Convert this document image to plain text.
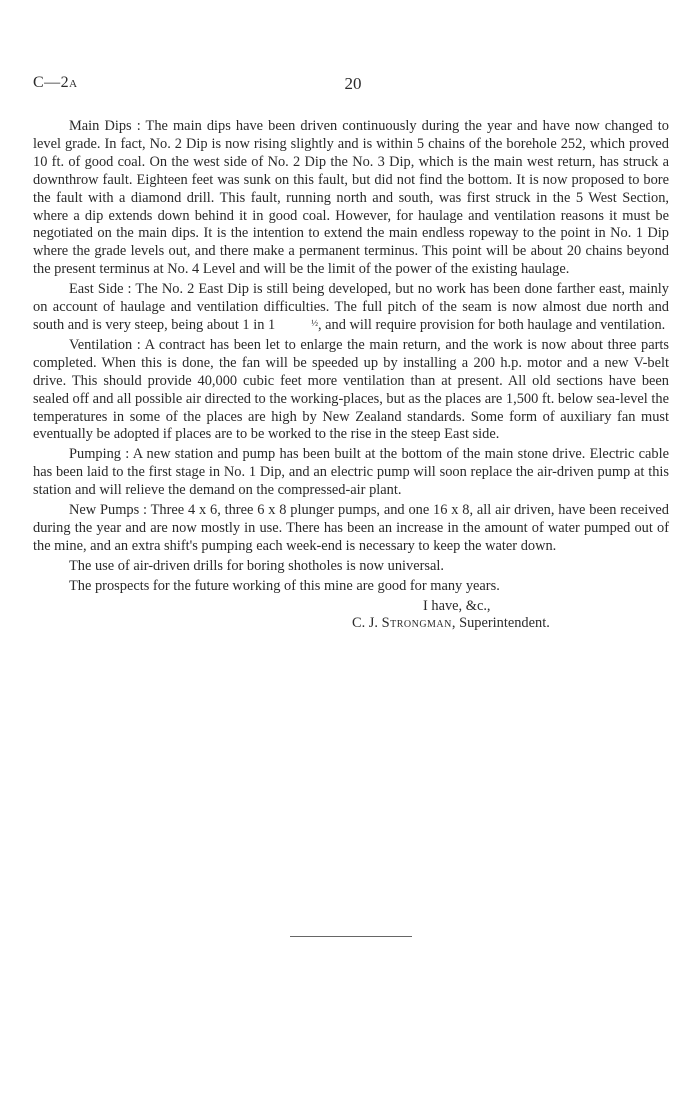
C—2A	20

Main Dips : The main dips have been driven continuously during the year and have now changed to level grade. In fact, No. 2 Dip is now rising slightly and is within 5 chains of the borehole 252, which proved 10 ft. of good coal. On the west side of No. 2 Dip the No. 3 Dip, which is the main west return, has struck a downthrow fault. Eighteen feet was sunk on this fault, but did not find the bottom. It is now proposed to bore the fault with a diamond drill. This fault, running north and south, was first struck in the 5 West Section, where a dip extends down behind it in good coal. However, for haulage and ventilation reasons it must be negotiated on the main dips. It is the intention to extend the main endless ropeway to the point in No. 1 Dip where the grade levels out, and there make a permanent terminus. This point will be about 20 chains beyond the present terminus at No. 4 Level and will be the limit of the power of the existing haulage.

East Side : The No. 2 East Dip is still being developed, but no work has been done farther east, mainly on account of haulage and ventilation difficulties. The full pitch of the seam is now almost due north and south and is very steep, being about 1 in 1	½, and will require provision for both haulage and ventilation.

Ventilation : A contract has been let to enlarge the main return, and the work is now about three parts completed. When this is done, the fan will be speeded up by installing a 200 h.p. motor and a new V-belt drive. This should provide 40,000 cubic feet more ventilation than at present. All old sections have been sealed off and all possible air directed to the working-places, but as the places are 1,500 ft. below sea-level the temperatures in some of the places are high by New Zealand standards. Some form of auxiliary fan must eventually be adopted if places are to be worked to the rise in the steep East side.

Pumping : A new station and pump has been built at the bottom of the main stone drive. Electric cable has been laid to the first stage in No. 1 Dip, and an electric pump will soon replace the air-driven pump at this station and will relieve the demand on the compressed-air plant.

New Pumps : Three 4 x 6, three 6 x 8 plunger pumps, and one 16 x 8, all air driven, have been received during the year and are now mostly in use. There has been an increase in the amount of water pumped out of the mine, and an extra shift's pumping each week-end is necessary to keep the water down.

The use of air-driven drills for boring shotholes is now universal.

The prospects for the future working of this mine are good for many years.

I have, &c.,
C. J. Strongman, Superintendent.
